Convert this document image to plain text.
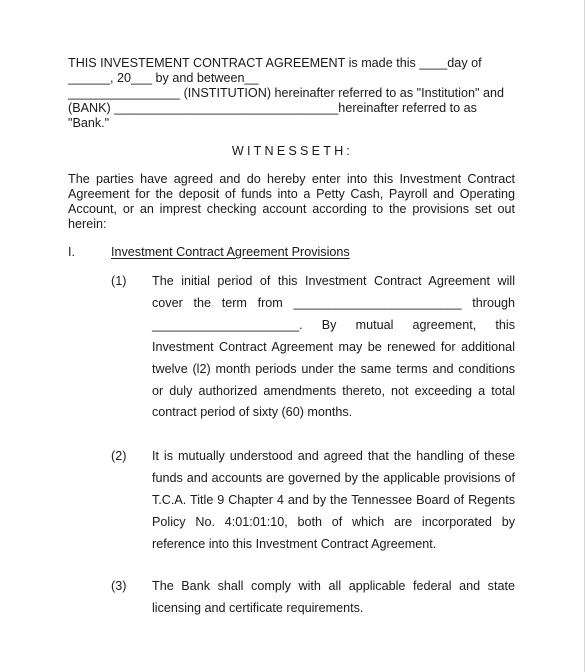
THIS INVESTEMENT CONTRACT AGREEMENT is made this ____day of
______, 20___ by and between__
________________ (INSTITUTION) hereinafter referred to as "Institution" and
(BANK) ________________________________hereinafter referred to as
"Bank."
WITNESSETH:
The parties have agreed and do hereby enter into this Investment Contract
Agreement for the deposit of funds into a Petty Cash, Payroll and Operating
Account, or an imprest checking account according to the provisions set out
herein:
I.	Investment Contract Agreement Provisions
(1) The initial period of this Investment Contract Agreement will
cover the term from ________________________ through
_____________________. By mutual agreement, this
Investment Contract Agreement may be renewed for additional
twelve (l2) month periods under the same terms and conditions
or duly authorized amendments thereto, not exceeding a total
contract period of sixty (60) months.
(2) It is mutually understood and agreed that the handling of these
funds and accounts are governed by the applicable provisions of
T.C.A. Title 9 Chapter 4 and by the Tennessee Board of Regents
Policy No. 4:01:01:10, both of which are incorporated by
reference into this Investment Contract Agreement.
(3) The Bank shall comply with all applicable federal and state
licensing and certificate requirements.
